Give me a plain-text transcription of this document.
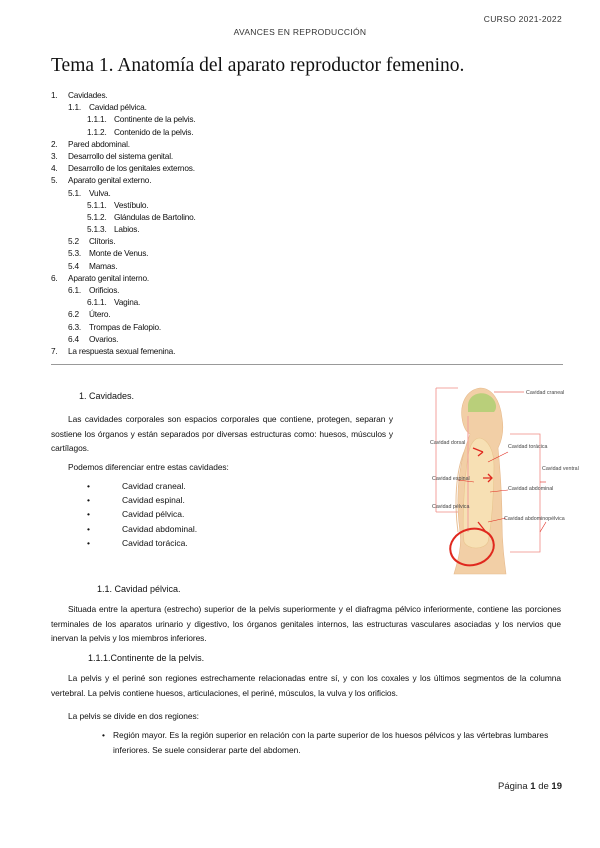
CURSO 2021-2022
AVANCES EN REPRODUCCIÓN
Tema 1. Anatomía del aparato reproductor femenino.
1. Cavidades.
1.1. Cavidad pélvica.
1.1.1. Continente de la pelvis.
1.1.2. Contenido de la pelvis.
2. Pared abdominal.
3. Desarrollo del sistema genital.
4. Desarrollo de los genitales externos.
5. Aparato genital externo.
5.1. Vulva.
5.1.1. Vestíbulo.
5.1.2. Glándulas de Bartolino.
5.1.3. Labios.
5.2 Clítoris.
5.3. Monte de Venus.
5.4 Mamas.
6. Aparato genital interno.
6.1. Orificios.
6.1.1. Vagina.
6.2 Útero.
6.3. Trompas de Falopio.
6.4 Ovarios.
7. La respuesta sexual femenina.
1. Cavidades.

Las cavidades corporales son espacios corporales que contiene, protegen, separan y sostiene los órganos y están separados por diversas estructuras como: huesos, músculos y cartílagos.

Podemos diferenciar entre estas cavidades:

• Cavidad craneal.
• Cavidad espinal.
• Cavidad pélvica.
• Cavidad abdominal.
• Cavidad torácica.
Cavidad craneal
Cavidad dorsal
Cavidad torácica
Cavidad espinal
Cavidad ventral
Cavidad abdominal
Cavidad pélvica
Cavidad abdominopélvica
1.1. Cavidad pélvica.

Situada entre la apertura (estrecho) superior de la pelvis superiormente y el diafragma pélvico inferiormente, contiene las porciones terminales de los aparatos urinario y digestivo, los órganos genitales internos, las estructuras vasculares asociadas y los nervios que inervan la pelvis y los miembros inferiores.

1.1.1.Continente de la pelvis.

La pelvis y el periné son regiones estrechamente relacionadas entre sí, y con los coxales y los últimos segmentos de la columna vertebral. La pelvis contiene huesos, articulaciones, el periné, músculos, la vulva y los orificios.

La pelvis se divide en dos regiones:

• Región mayor. Es la región superior en relación con la parte superior de los huesos pélvicos y las vértebras lumbares inferiores. Se suele considerar parte del abdomen.
Página 1 de 19
